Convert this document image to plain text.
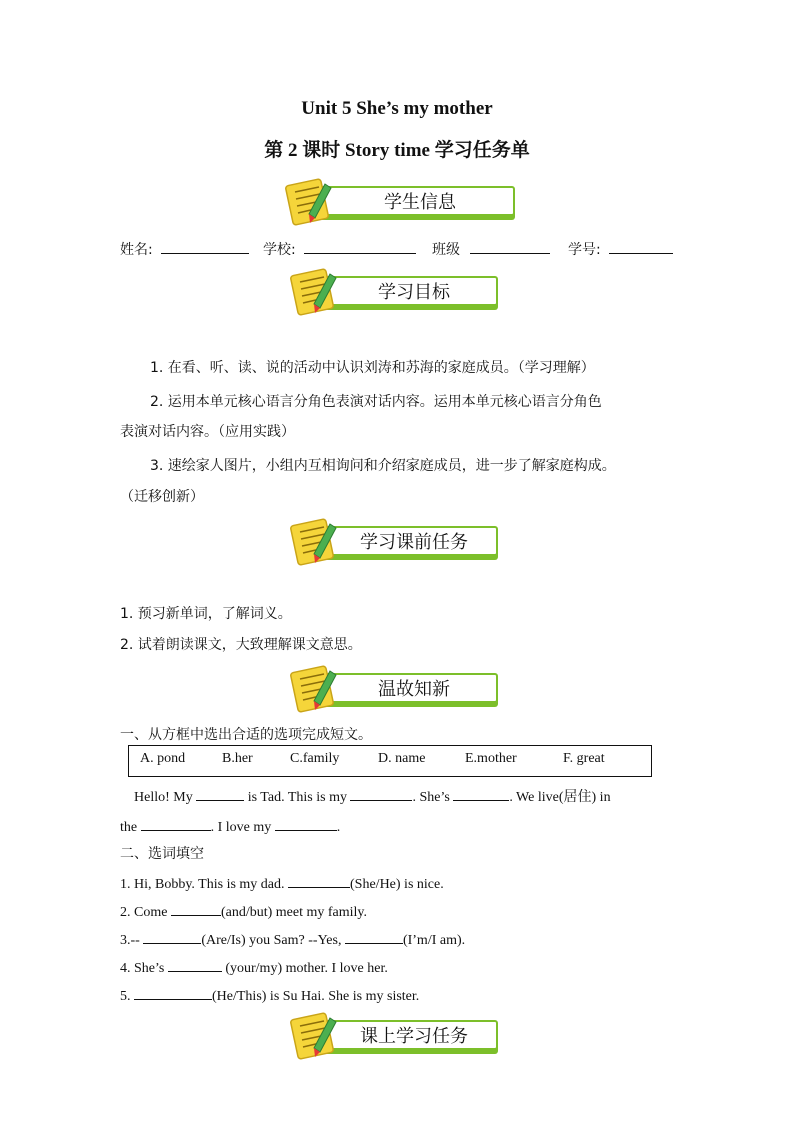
Unit 5 She’s my mother
第 2 课时 Story time 学习任务单
学生信息
姓名:	学校:	班级	学号:
学习目标
1. 在看、听、读、说的活动中认识刘涛和苏海的家庭成员。（学习理解）
2. 运用本单元核心语言分角色表演对话内容。运用本单元核心语言分角色
表演对话内容。（应用实践）
3. 速绘家人图片，小组内互相询问和介绍家庭成员，进一步了解家庭构成。
（迁移创新）
学习课前任务
1. 预习新单词，了解词义。
2. 试着朗读课文，大致理解课文意思。
温故知新
一、从方框中选出合适的选项完成短文。
A. pond	B.her	C.family	D. name	E.mother	F. great
Hello! My	is Tad. This is my	. She’s	. We live(居住) in
the	. I love my	.
二、选词填空
1. Hi, Bobby. This is my dad.	(She/He) is nice.
2. Come	(and/but) meet my family.
3.--	(Are/Is) you Sam? --Yes,	(I’m/I am).
4. She’s	(your/my) mother. I love her.
5.	(He/This) is Su Hai. She is my sister.
课上学习任务
